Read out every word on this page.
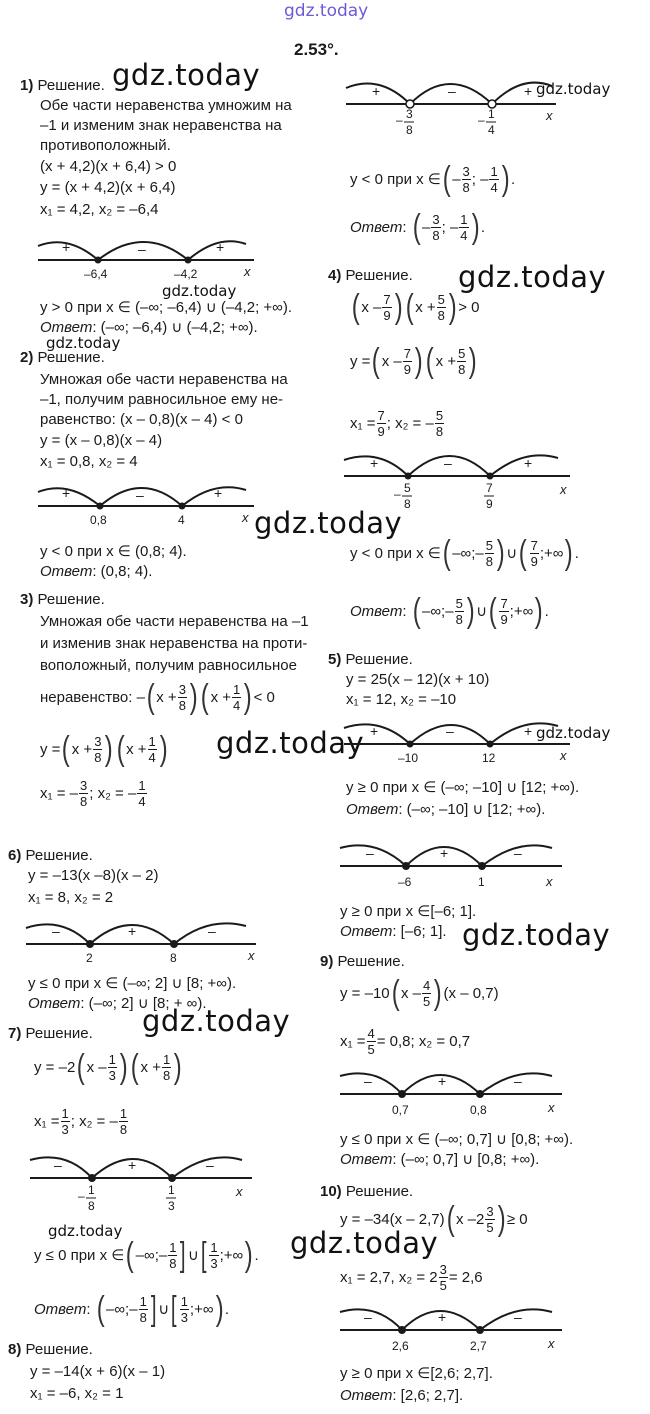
gdz.today
2.53°.
1) Решение. gdz.today
Обе части неравенства умножим на
–1 и изменим знак неравенства на
противоположный.
(x + 4,2)(x + 6,4) > 0
y = (x + 4,2)(x + 6,4)
x₁ = 4,2, x₂ = –6,4
+	–	+
–6,4	–4,2	x
gdz.today
y > 0 при x ∈ (–∞; –6,4) ∪ (–4,2; +∞).
Ответ: (–∞; –6,4) ∪ (–4,2; +∞).
gdz.today
2) Решение.
Умножая обе части неравенства на
–1, получим равносильное ему не-
равенство: (x – 0,8)(x – 4) < 0
y = (x – 0,8)(x – 4)
x₁ = 0,8, x₂ = 4
+	–	+
0,8	4	x gdz.today
y < 0 при x ∈ (0,8; 4).
Ответ: (0,8; 4).
3) Решение.
Умножая обе части неравенства на –1
и изменив знак неравенства на проти-
воположный, получим равносильное
неравенство: –( $x + \frac{3}{8}$ )( $x + \frac{1}{4}$ ) < 0
y =( $x + \frac{3}{8}$ )( $x + \frac{1}{4}$ ) gdz.today
x₁ = – $\frac{3}{8}$ ; x₂ = – $\frac{1}{4}$
+	–	+
– 3
8
– 1
4
x
gdz.today
y < 0 при x ∈( – $\frac{3}{8}$ ; – $\frac{1}{4}$ ) .
Ответ: ( – $\frac{3}{8}$ ; – $\frac{1}{4}$ ) .
4) Решение. gdz.today
( x – $\frac{7}{9}$ )( $x + \frac{5}{8}$ ) > 0
y =( x – $\frac{7}{9}$ )( $x + \frac{5}{8}$ )
$x_1 = \frac{7}{9}$ ; x₂ = – $\frac{5}{8}$
+	–	+
– 5
8
7
9
x
y < 0 при x ∈( –∞;– $\frac{5}{8}$ ) ∪( $\frac{7}{9}$ ;+∞) .
Ответ: ( –∞;– $\frac{5}{8}$ ) ∪( $\frac{7}{9}$ ;+∞) .
5) Решение.
y = 25(x – 12)(x + 10)
x₁ = 12, x₂ = –10
+	–	+
–10	12	x
gdz.today
y ≥ 0 при x ∈ (–∞; –10] ∪ [12; +∞).
Ответ: (–∞; –10] ∪ [12; +∞).
6) Решение.
y = –13(x –8)(x – 2)
x₁ = 8, x₂ = 2
–	+	–
2	8	x
y ≤ 0 при x ∈ (–∞; 2] ∪ [8; +∞).
Ответ: (–∞; 2] ∪ [8; + ∞).
–	+	–
–6	1	x
y ≥ 0 при x ∈[–6; 1].
Ответ: [–6; 1]. gdz.today
9) Решение.
y = –10( x – $\frac{4}{5}$ ) (x – 0,7)
$x_1 = \frac{4}{5} = 0,8$; x₂ = 0,7
–	+	–
0,7	0,8	x
y ≤ 0 при x ∈ (–∞; 0,7] ∪ [0,8; +∞).
Ответ: (–∞; 0,7] ∪ [0,8; +∞).
gdz.today
7) Решение.
y = –2( x – $\frac{1}{3}$ )( $x + \frac{1}{8}$ )
$x_1 = \frac{1}{3}$ ; x₂ = – $\frac{1}{8}$
–	+	–
– 1
8
1
3
x
gdz.today
y ≤ 0 при x ∈( –∞;– $\frac{1}{8}$ ] ∪[ $\frac{1}{3}$ ;+∞) . gdz.today
Ответ: ( –∞;– $\frac{1}{8}$ ] ∪[ $\frac{1}{3}$ ;+∞) .
8) Решение.
y = –14(x + 6)(x – 1)
x₁ = –6, x₂ = 1
10) Решение.
y = –34(x – 2,7)( x $-2 \frac{3}{5}$ ) ≥ 0
x₁ = 2,7, $x_2 = 2 \frac{3}{5} = 2,6$
–	+	–
2,6	2,7	x
y ≥ 0 при x ∈[2,6; 2,7].
Ответ: [2,6; 2,7].
